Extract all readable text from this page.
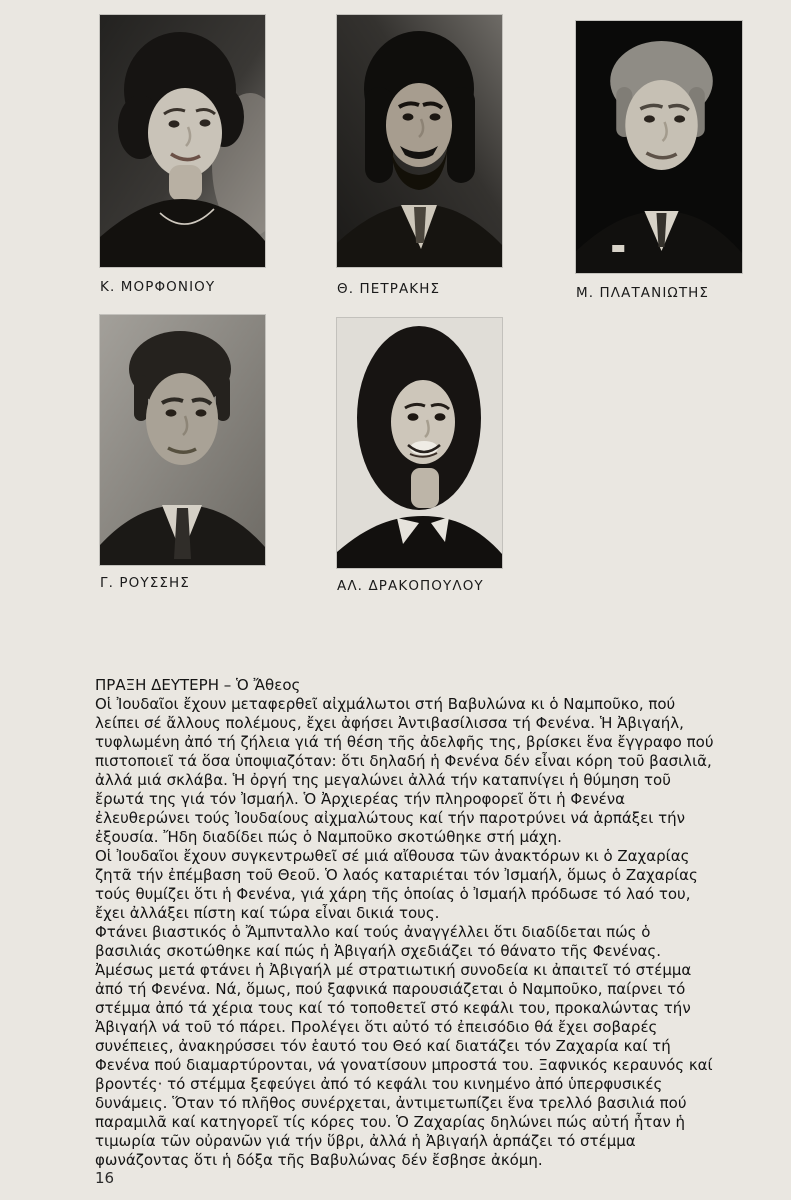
Κ. ΜΟΡΦΟΝΙΟΥ	Θ. ΠΕΤΡΑΚΗΣ	Μ. ΠΛΑΤΑΝΙΩΤΗΣ
Γ. ΡΟΥΣΣΗΣ	ΑΛ. ΔΡΑΚΟΠΟΥΛΟΥ
ΠΡΑΞΗ ΔΕΥΤΕΡΗ – Ὁ Ἄθεος

Οἱ Ἰουδαῖοι ἔχουν μεταφερθεῖ αἰχμάλωτοι στή Βαβυλώνα κι ὁ Ναμποῦκο, πού λείπει σέ ἄλλους πολέμους, ἔχει ἀφήσει Ἀντιβασίλισσα τή Φενένα. Ἡ Ἀβιγαήλ, τυφλωμένη ἀπό τή ζήλεια γιά τή θέση τῆς ἀδελφῆς της, βρίσκει ἕνα ἔγγραφο πού πιστοποιεῖ τά ὅσα ὑποψιαζόταν: ὅτι δηλαδή ἡ Φενένα δέν εἶναι κόρη τοῦ βασιλιᾶ, ἀλλά μιά σκλάβα. Ἡ ὀργή της μεγαλώνει ἀλλά τήν καταπνίγει ἡ θύμηση τοῦ ἔρωτά της γιά τόν Ἰσμαήλ. Ὁ Ἀρχιερέας τήν πληροφορεῖ ὅτι ἡ Φενένα ἐλευθερώνει τούς Ἰουδαίους αἰχμαλώτους καί τήν παροτρύνει νά ἁρπάξει τήν ἐξουσία. Ἤδη διαδίδει πώς ὁ Ναμποῦκο σκοτώθηκε στή μάχη.

Οἱ Ἰουδαῖοι ἔχουν συγκεντρωθεῖ σέ μιά αἴθουσα τῶν ἀνακτόρων κι ὁ Ζαχαρίας ζητᾶ τήν ἐπέμβαση τοῦ Θεοῦ. Ὁ λαός καταριέται τόν Ἰσμαήλ, ὅμως ὁ Ζαχαρίας τούς θυμίζει ὅτι ἡ Φενένα, γιά χάρη τῆς ὁποίας ὁ Ἰσμαήλ πρόδωσε τό λαό του, ἔχει ἀλλάξει πίστη καί τώρα εἶναι δικιά τους.

Φτάνει βιαστικός ὁ Ἄμπνταλλο καί τούς ἀναγγέλλει ὅτι διαδίδεται πώς ὁ βασιλιάς σκοτώθηκε καί πώς ἡ Ἀβιγαήλ σχεδιάζει τό θάνατο τῆς Φενένας.

Ἀμέσως μετά φτάνει ἡ Ἀβιγαήλ μέ στρατιωτική συνοδεία κι ἀπαιτεῖ τό στέμμα ἀπό τή Φενένα. Νά, ὅμως, πού ξαφνικά παρουσιάζεται ὁ Ναμποῦκο, παίρνει τό στέμμα ἀπό τά χέρια τους καί τό τοποθετεῖ στό κεφάλι του, προκαλώντας τήν Ἀβιγαήλ νά τοῦ τό πάρει. Προλέγει ὅτι αὐτό τό ἐπεισόδιο θά ἔχει σοβαρές συνέπειες, ἀνακηρύσσει τόν ἑαυτό του Θεό καί διατάζει τόν Ζαχαρία καί τή Φενένα πού διαμαρτύρονται, νά γονατίσουν μπροστά του. Ξαφνικός κεραυνός καί βροντές· τό στέμμα ξεφεύγει ἀπό τό κεφάλι του κινημένο ἀπό ὑπερφυσικές δυνάμεις. Ὅταν τό πλῆθος συνέρχεται, ἀντιμετωπίζει ἕνα τρελλό βασιλιά πού παραμιλᾶ καί κατηγορεῖ τίς κόρες του. Ὁ Ζαχαρίας δηλώνει πώς αὐτή ἦταν ἡ τιμωρία τῶν οὐρανῶν γιά τήν ὕβρι, ἀλλά ἡ Ἀβιγαήλ ἁρπάζει τό στέμμα φωνάζοντας ὅτι ἡ δόξα τῆς Βαβυλώνας δέν ἔσβησε ἀκόμη.

16
